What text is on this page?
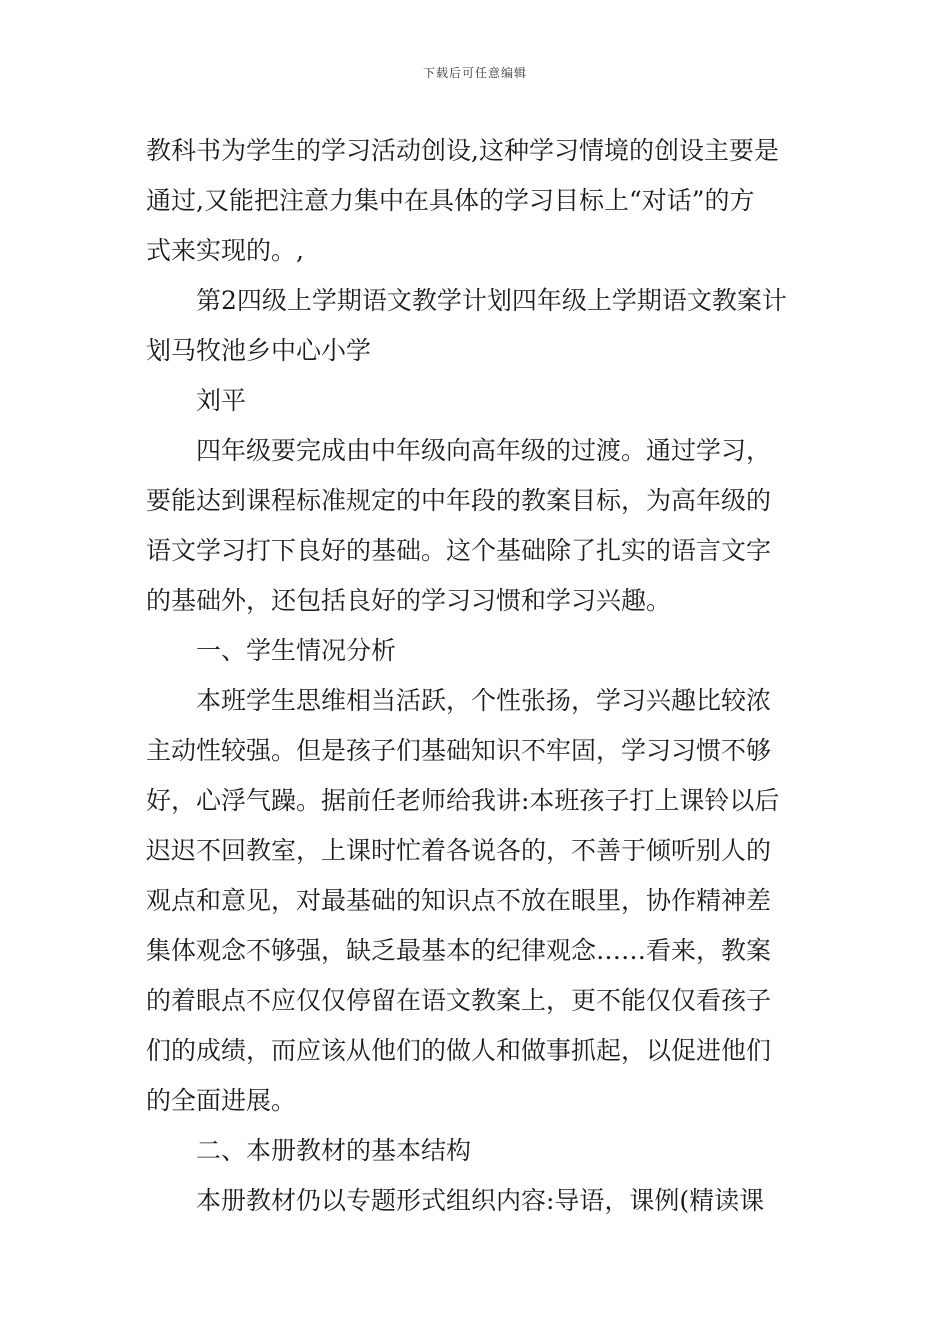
下载后可任意编辑
教科书为学生的学习活动创设,这种学习情境的创设主要是
通过,又能把注意力集中在具体的学习目标上“对话”的方
式来实现的。,
第2四级上学期语文教学计划四年级上学期语文教案计
划马牧池乡中心小学
刘平
四年级要完成由中年级向高年级的过渡。通过学习，
要能达到课程标准规定的中年段的教案目标，为高年级的
语文学习打下良好的基础。这个基础除了扎实的语言文字
的基础外，还包括良好的学习习惯和学习兴趣。
一、学生情况分析
本班学生思维相当活跃，个性张扬，学习兴趣比较浓
主动性较强。但是孩子们基础知识不牢固，学习习惯不够
好，心浮气躁。据前任老师给我讲:本班孩子打上课铃以后
迟迟不回教室，上课时忙着各说各的，不善于倾听别人的
观点和意见，对最基础的知识点不放在眼里，协作精神差
集体观念不够强，缺乏最基本的纪律观念……看来，教案
的着眼点不应仅仅停留在语文教案上，更不能仅仅看孩子
们的成绩，而应该从他们的做人和做事抓起，以促进他们
的全面进展。
二、本册教材的基本结构
本册教材仍以专题形式组织内容:导语，课例(精读课
